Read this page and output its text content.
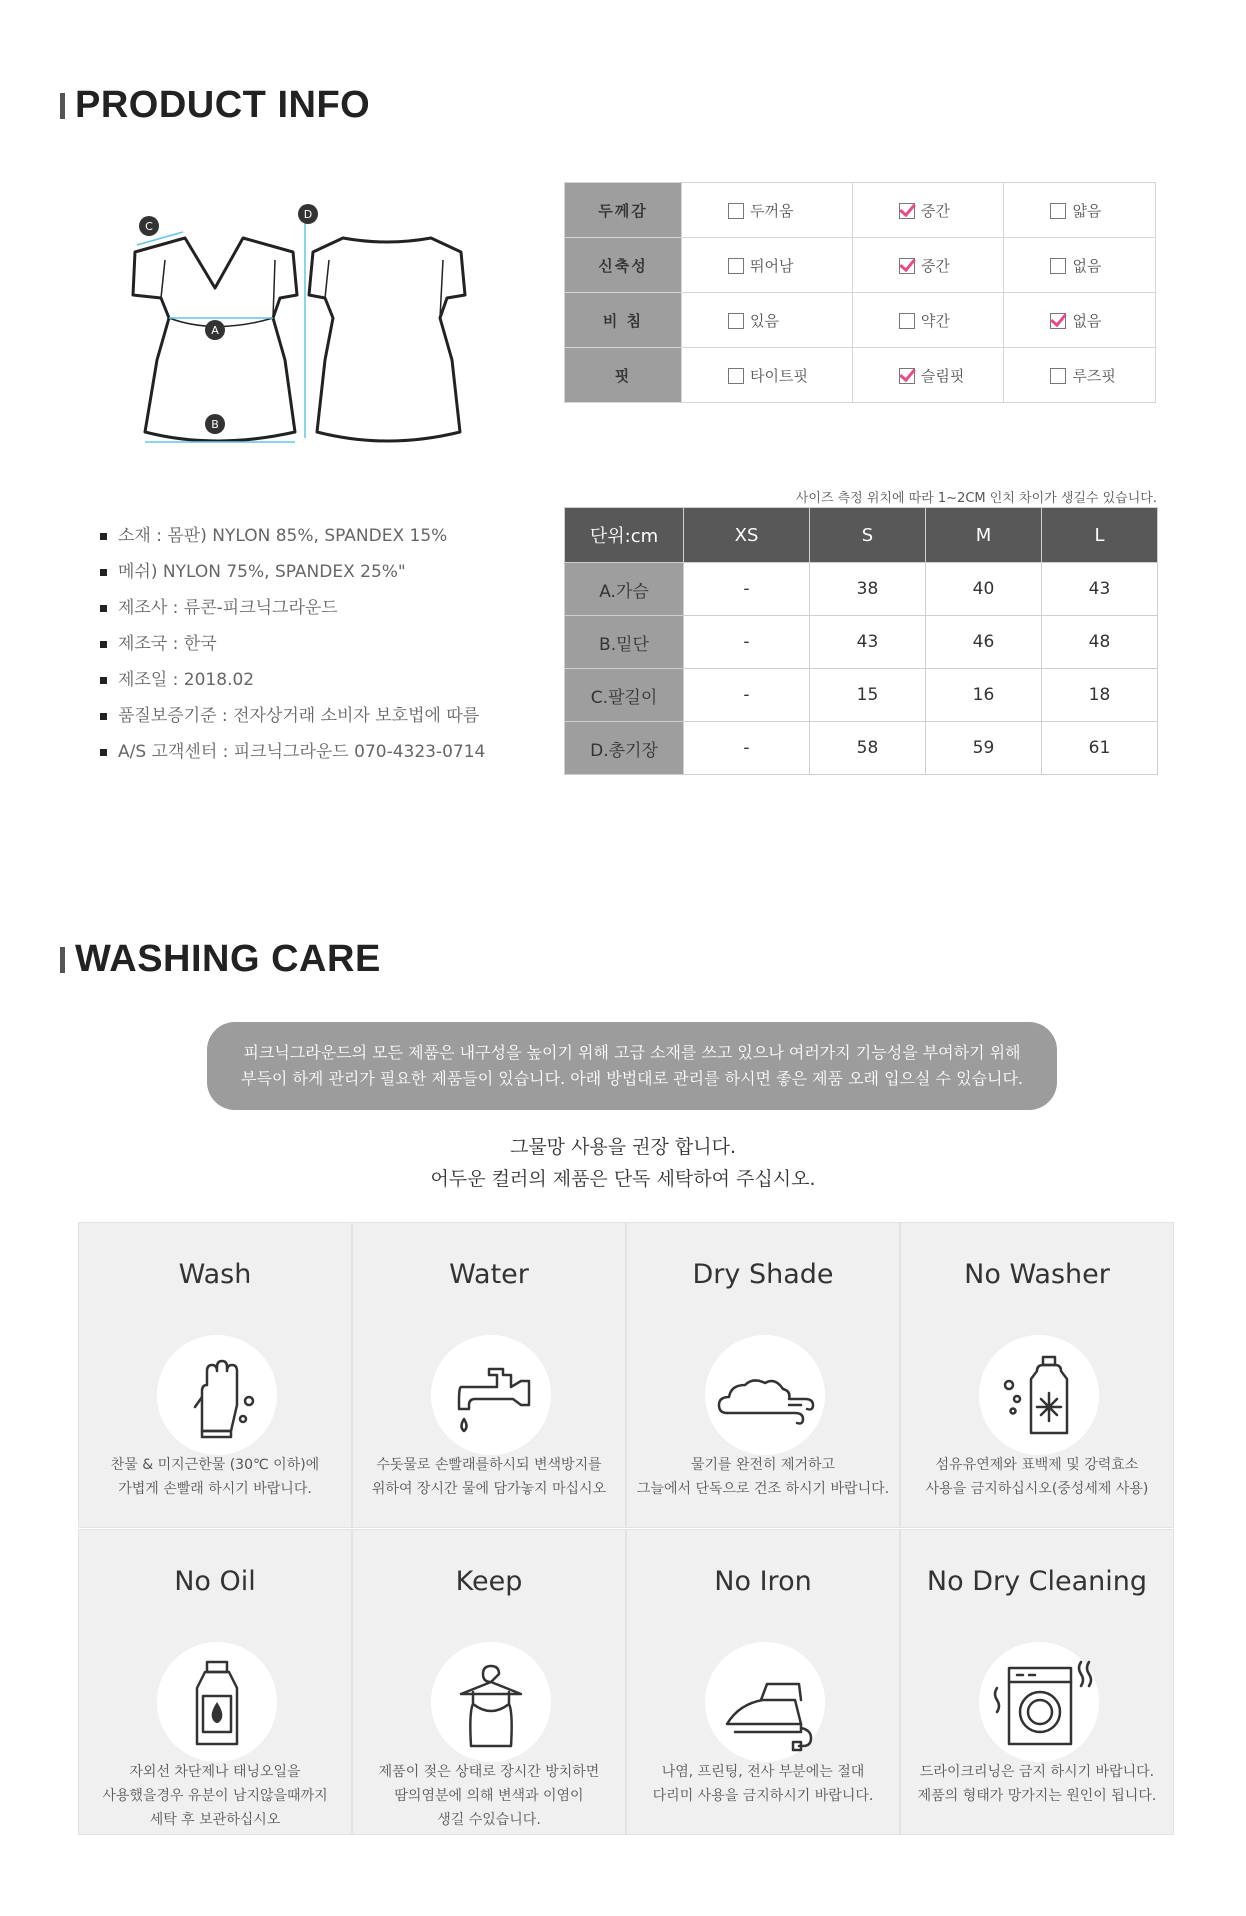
PRODUCT INFO
C
D
A
B
두께감	두꺼움	중간	얇음
신축성	뛰어남	중간	없음
비 침	있음	약간	없음
핏	타이트핏	슬림핏	루즈핏
사이즈 측정 위치에 따라 1~2CM 인치 차이가 생길수 있습니다.
단위:cm	XS	S	M	L
A.가슴	-	38	40	43
B.밑단	-	43	46	48
C.팔길이	-	15	16	18
D.총기장	-	58	59	61
소재 : 몸판) NYLON 85%, SPANDEX 15%
메쉬) NYLON 75%, SPANDEX 25%"
제조사 : 류콘-피크닉그라운드
제조국 : 한국
제조일 : 2018.02
품질보증기준 : 전자상거래 소비자 보호법에 따름
A/S 고객센터 : 피크닉그라운드 070-4323-0714
WASHING CARE
피크닉그라운드의 모든 제품은 내구성을 높이기 위해 고급 소재를 쓰고 있으나 여러가지 기능성을 부여하기 위해
부득이 하게 관리가 필요한 제품들이 있습니다. 아래 방법대로 관리를 하시면 좋은 제품 오래 입으실 수 있습니다.
그물망 사용을 권장 합니다.
어두운 컬러의 제품은 단독 세탁하여 주십시오.
Wash
찬물 & 미지근한물 (30℃ 이하)에
가볍게 손빨래 하시기 바랍니다.
Water
수돗물로 손빨래를하시되 변색방지를
위하여 장시간 물에 담가놓지 마십시오
Dry Shade
물기를 완전히 제거하고
그늘에서 단독으로 건조 하시기 바랍니다.
No Washer
섬유유연제와 표백제 및 강력효소
사용을 금지하십시오(중성세제 사용)
No Oil
자외선 차단제나 태닝오일을
사용했을경우 유분이 남지않을때까지
세탁 후 보관하십시오
Keep
제품이 젖은 상태로 장시간 방치하면
땀의염분에 의해 변색과 이염이
생길 수있습니다.
No Iron
나염, 프린팅, 전사 부분에는 절대
다리미 사용을 금지하시기 바랍니다.
No Dry Cleaning
드라이크리닝은 금지 하시기 바랍니다.
제품의 형태가 망가지는 원인이 됩니다.
